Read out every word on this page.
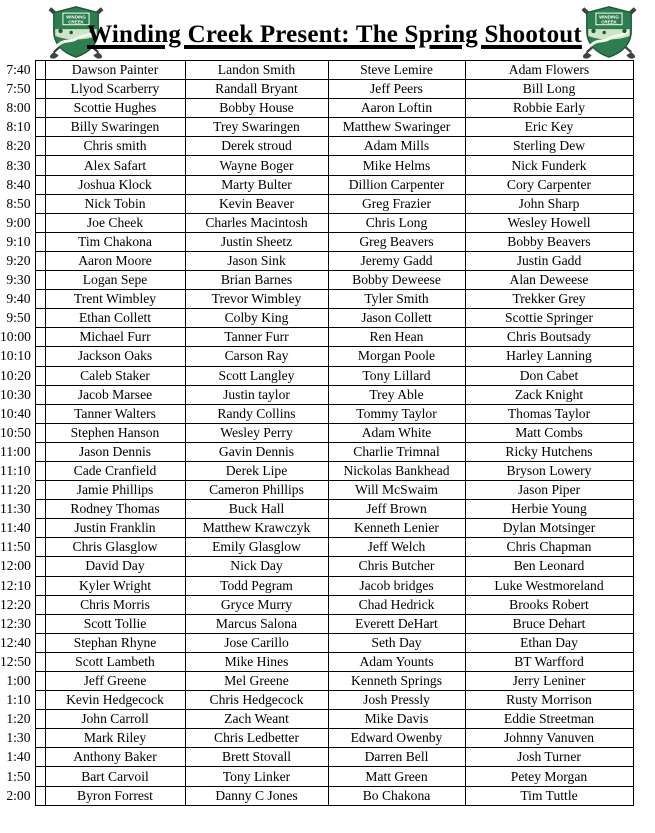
WINDING
CREEK Winding Creek Present: The Spring Shootout
WINDING
CREEK
7:40		Dawson Painter	Landon Smith	Steve Lemire	Adam Flowers
7:50		Llyod Scarberry	Randall Bryant	Jeff Peers	Bill Long
8:00		Scottie Hughes	Bobby House	Aaron Loftin	Robbie Early
8:10		Billy Swaringen	Trey Swaringen	Matthew Swaringer	Eric Key
8:20		Chris smith	Derek stroud	Adam Mills	Sterling Dew
8:30		Alex Safart	Wayne Boger	Mike Helms	Nick Funderk
8:40		Joshua Klock	Marty Bulter	Dillion Carpenter	Cory Carpenter
8:50		Nick Tobin	Kevin Beaver	Greg Frazier	John Sharp
9:00		Joe Cheek	Charles Macintosh	Chris Long	Wesley Howell
9:10		Tim Chakona	Justin Sheetz	Greg Beavers	Bobby Beavers
9:20		Aaron Moore	Jason Sink	Jeremy Gadd	Justin Gadd
9:30		Logan Sepe	Brian Barnes	Bobby Deweese	Alan Deweese
9:40		Trent Wimbley	Trevor Wimbley	Tyler Smith	Trekker Grey
9:50		Ethan Collett	Colby King	Jason Collett	Scottie Springer
10:00		Michael Furr	Tanner Furr	Ren Hean	Chris Boutsady
10:10		Jackson Oaks	Carson Ray	Morgan Poole	Harley Lanning
10:20		Caleb Staker	Scott Langley	Tony Lillard	Don Cabet
10:30		Jacob Marsee	Justin taylor	Trey Able	Zack Knight
10:40		Tanner Walters	Randy Collins	Tommy Taylor	Thomas Taylor
10:50		Stephen Hanson	Wesley Perry	Adam White	Matt Combs
11:00		Jason Dennis	Gavin Dennis	Charlie Trimnal	Ricky Hutchens
11:10		Cade Cranfield	Derek Lipe	Nickolas Bankhead	Bryson Lowery
11:20		Jamie Phillips	Cameron Phillips	Will McSwaim	Jason Piper
11:30		Rodney Thomas	Buck Hall	Jeff Brown	Herbie Young
11:40		Justin Franklin	Matthew Krawczyk	Kenneth Lenier	Dylan Motsinger
11:50		Chris Glasglow	Emily Glasglow	Jeff Welch	Chris Chapman
12:00		David Day	Nick Day	Chris Butcher	Ben Leonard
12:10		Kyler Wright	Todd Pegram	Jacob bridges	Luke Westmoreland
12:20		Chris Morris	Gryce Murry	Chad Hedrick	Brooks Robert
12:30		Scott Tollie	Marcus Salona	Everett DeHart	Bruce Dehart
12:40		Stephan Rhyne	Jose Carillo	Seth Day	Ethan Day
12:50		Scott Lambeth	Mike Hines	Adam Younts	BT Warfford
1:00		Jeff Greene	Mel Greene	Kenneth Springs	Jerry Leniner
1:10		Kevin Hedgecock	Chris Hedgecock	Josh Pressly	Rusty Morrison
1:20		John Carroll	Zach Weant	Mike Davis	Eddie Streetman
1:30		Mark Riley	Chris Ledbetter	Edward Owenby	Johnny Vanuven
1:40		Anthony Baker	Brett Stovall	Darren Bell	Josh Turner
1:50		Bart Carvoil	Tony Linker	Matt Green	Petey Morgan
2:00		Byron Forrest	Danny C Jones	Bo Chakona	Tim Tuttle
